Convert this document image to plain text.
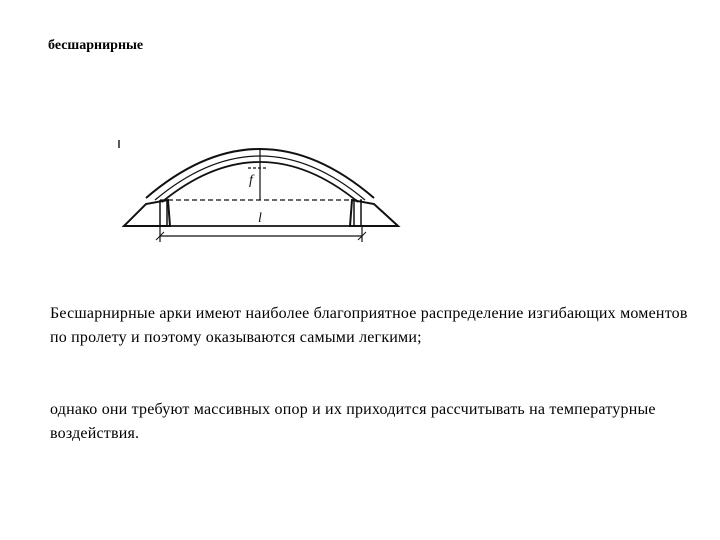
бесшарнирные
f
l

Бесшарнирные арки имеют наиболее благоприятное распределение изгибающих моментов по пролету и поэтому оказываются самыми легкими;

однако они требуют массивных опор и их приходится рассчитывать на температурные воздействия.
